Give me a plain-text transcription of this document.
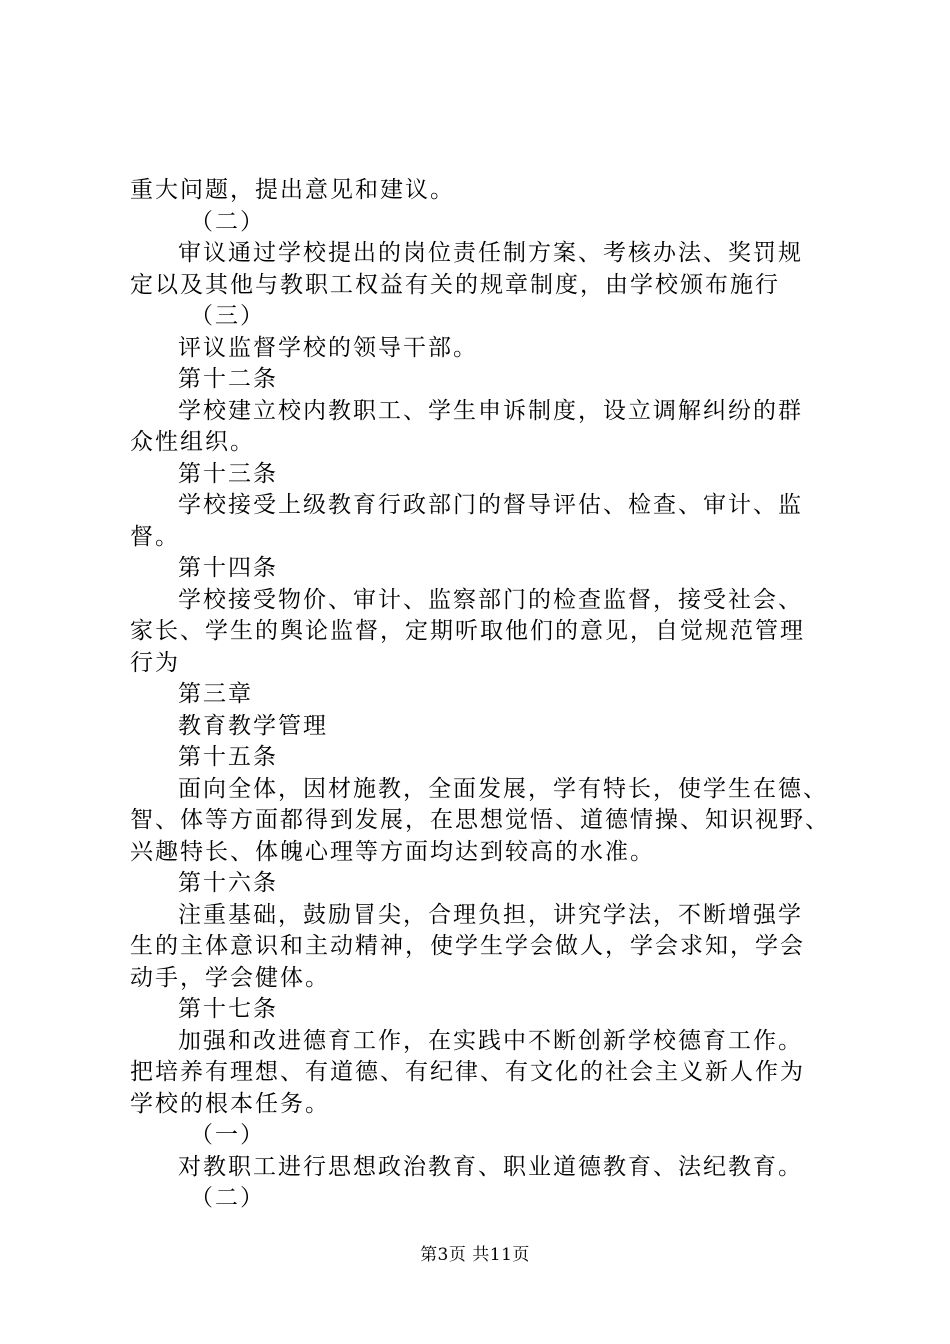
重大问题，提出意见和建议。
（二）
审议通过学校提出的岗位责任制方案、考核办法、奖罚规
定以及其他与教职工权益有关的规章制度，由学校颁布施行
（三）
评议监督学校的领导干部。
第十二条
学校建立校内教职工、学生申诉制度，设立调解纠纷的群
众性组织。
第十三条
学校接受上级教育行政部门的督导评估、检查、审计、监
督。
第十四条
学校接受物价、审计、监察部门的检查监督，接受社会、
家长、学生的舆论监督，定期听取他们的意见，自觉规范管理
行为
第三章
教育教学管理
第十五条
面向全体，因材施教，全面发展，学有特长，使学生在德、
智、体等方面都得到发展，在思想觉悟、道德情操、知识视野、
兴趣特长、体魄心理等方面均达到较高的水准。
第十六条
注重基础，鼓励冒尖，合理负担，讲究学法，不断增强学
生的主体意识和主动精神，使学生学会做人，学会求知，学会
动手，学会健体。
第十七条
加强和改进德育工作，在实践中不断创新学校德育工作。
把培养有理想、有道德、有纪律、有文化的社会主义新人作为
学校的根本任务。
（一）
对教职工进行思想政治教育、职业道德教育、法纪教育。
（二）
第3页 共11页
